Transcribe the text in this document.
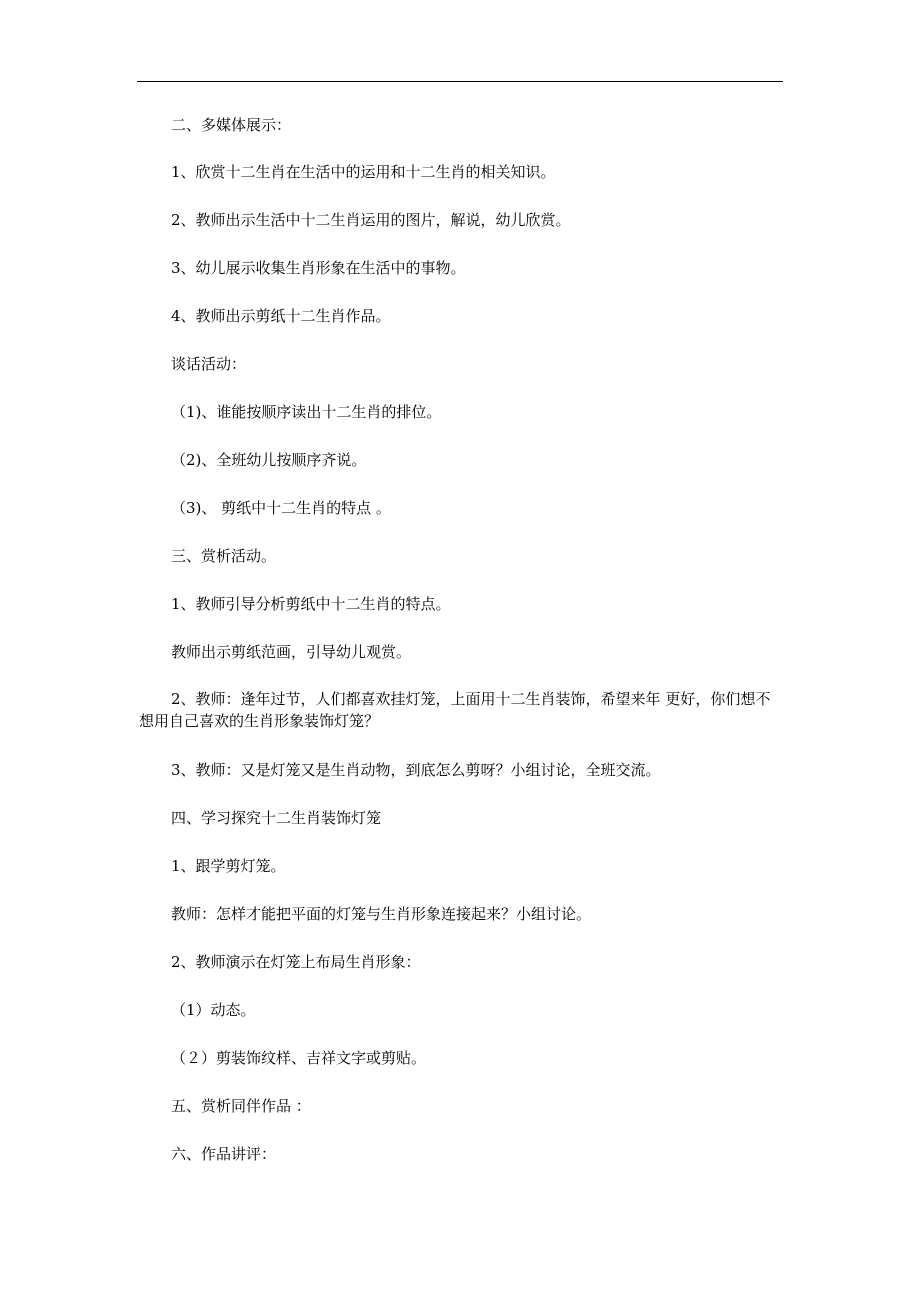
二、多媒体展示：

1、欣赏十二生肖在生活中的运用和十二生肖的相关知识。

2、教师出示生活中十二生肖运用的图片，解说，幼儿欣赏。

3、幼儿展示收集生肖形象在生活中的事物。

4、教师出示剪纸十二生肖作品。

谈话活动：

（1)、谁能按顺序读出十二生肖的排位。

（2)、全班幼儿按顺序齐说。

（3)、 剪纸中十二生肖的特点 。

三、赏析活动。

1、教师引导分析剪纸中十二生肖的特点。

教师出示剪纸范画，引导幼儿观赏。

2、教师：逢年过节，人们都喜欢挂灯笼，上面用十二生肖装饰，希望来年 更好，你们想不想用自己喜欢的生肖形象装饰灯笼？

3、教师：又是灯笼又是生肖动物，到底怎么剪呀？小组讨论，全班交流。

四、学习探究十二生肖装饰灯笼

1、跟学剪灯笼。

教师：怎样才能把平面的灯笼与生肖形象连接起来？小组讨论。

2、教师演示在灯笼上布局生肖形象：

（1）动态。

（２）剪装饰纹样、吉祥文字或剪贴。

五、赏析同伴作品 ：

六、作品讲评：
